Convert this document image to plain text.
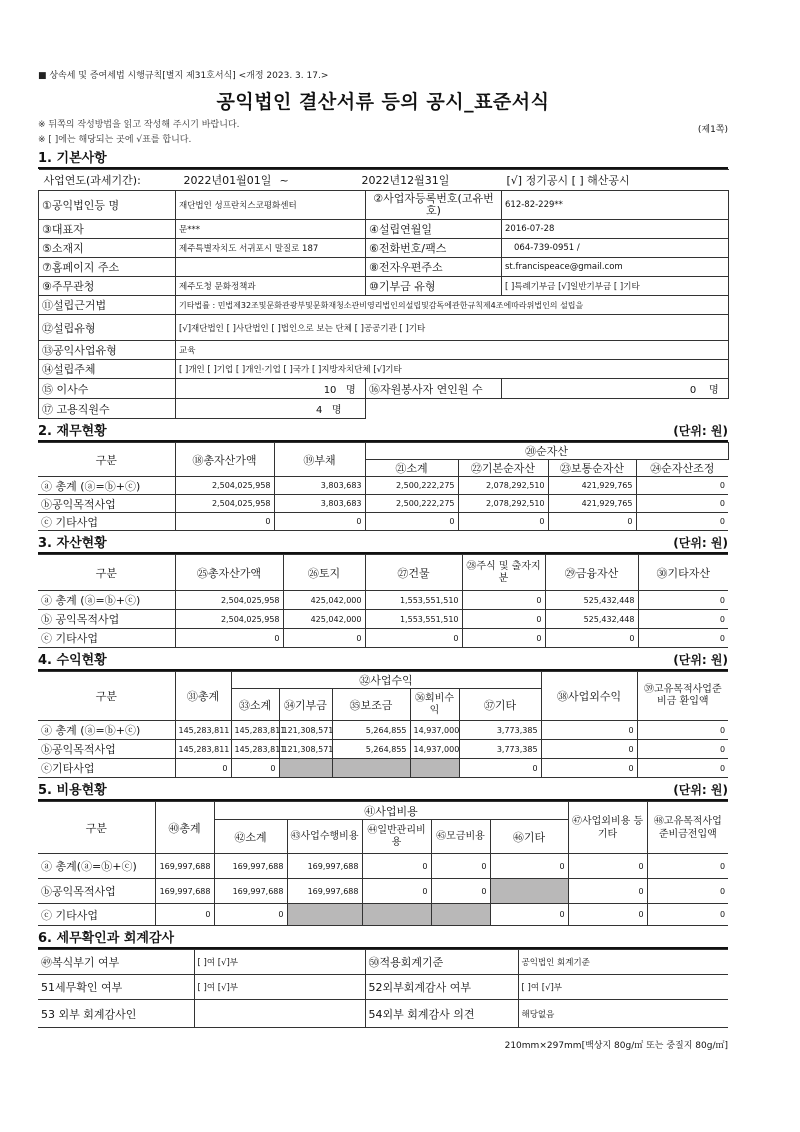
■ 상속세 및 증여세법 시행규칙[별지 제31호서식] <개정 2023. 3. 17.>
공익법인 결산서류 등의 공시_표준서식
※ 뒤쪽의 작성방법을 읽고 작성해 주시기 바랍니다.
※ [ ]에는 해당되는 곳에 √표를 합니다.
(제1쪽)
1. 기본사항
사업연도(과세기간): 2022년01월01일 ~ 2022년12월31일 [√] 정기공시 [ ] 해산공시			
①공익법인등 명	재단법인 성프란치스코평화센터	②사업자등록번호(고유번호)	612-82-229**
③대표자	문***	④설립연월일	2016-07-28
⑤소재지	제주특별자치도 서귀포시 말질로 187	⑥전화번호/팩스	064-739-0951 /
⑦홈페이지 주소		⑧전자우편주소	st.francispeace@gmail.com
⑨주무관청	제주도청 문화정책과	⑩기부금 유형	[ ]특례기부금 [√]일반기부금 [ ]기타
⑪설립근거법	기타법률 : 민법제32조및문화관광부및문화재청소관비영리법인의설립및감독에관한규칙제4조에따라위법인의 설립을		
⑫설립유형	[√]재단법인 [ ]사단법인 [ ]법인으로 보는 단체 [ ]공공기관 [ ]기타		
⑬공익사업유형	교육		
⑭설립주체	[ ]개인 [ ]기업 [ ]개인·기업 [ ]국가 [ ]지방자치단체 [√]기타		
⑮ 이사수	10 명	⑯자원봉사자 연인원 수	0 명
⑰ 고용직원수	4 명		
2. 재무현황	(단위: 원)
구분	⑱총자산가액	⑲부채	⑳순자산			
			㉑소계	㉒기본순자산	㉓보통순자산	㉔순자산조정
ⓐ 총계 (ⓐ=ⓑ+ⓒ)	2,504,025,958	3,803,683	2,500,222,275	2,078,292,510	421,929,765	0
ⓑ공익목적사업	2,504,025,958	3,803,683	2,500,222,275	2,078,292,510	421,929,765	0
ⓒ 기타사업	0	0	0	0	0	0
3. 자산현황	(단위: 원)
구분	㉕총자산가액	㉖토지	㉗건물	㉘주식 및 출자지분	㉙금융자산	㉚기타자산
ⓐ 총계 (ⓐ=ⓑ+ⓒ)	2,504,025,958	425,042,000	1,553,551,510	0	525,432,448	0
ⓑ 공익목적사업	2,504,025,958	425,042,000	1,553,551,510	0	525,432,448	0
ⓒ 기타사업	0	0	0	0	0	0
4. 수익현황	(단위: 원)
구분	㉛총계	㉜사업수익					㊳사업외수익	㊴고유목적사업준비금 환입액
		㉝소계	㉞기부금	㉟보조금	㊱회비수익	㊲기타		
ⓐ 총계 (ⓐ=ⓑ+ⓒ)	145,283,811	145,283,811	121,308,571	5,264,855	14,937,000	3,773,385	0	0
ⓑ공익목적사업	145,283,811	145,283,811	121,308,571	5,264,855	14,937,000	3,773,385	0	0
ⓒ기타사업	0	0				0	0	0
5. 비용현황	(단위: 원)
구분	㊵총계	㊶사업비용					㊼사업외비용 등 기타	㊽고유목적사업준비금전입액
		㊷소계	㊸사업수행비용	㊹일반관리비용	㊺모금비용	㊻기타		
ⓐ 총계(ⓐ=ⓑ+ⓒ)	169,997,688	169,997,688	169,997,688	0	0	0	0	0
ⓑ공익목적사업	169,997,688	169,997,688	169,997,688	0	0		0	0
ⓒ 기타사업	0	0				0	0	0
6. 세무확인과 회계감사
㊾복식부기 여부	[ ]여 [√]부	㊿적용회계기준	공익법인 회계기준
51세무확인 여부	[ ]여 [√]부	52외부회계감사 여부	[ ]여 [√]부
53 외부 회계감사인		54외부 회계감사 의견	해당없음
210mm×297mm[백상지 80g/㎡ 또는 중질지 80g/㎡]
